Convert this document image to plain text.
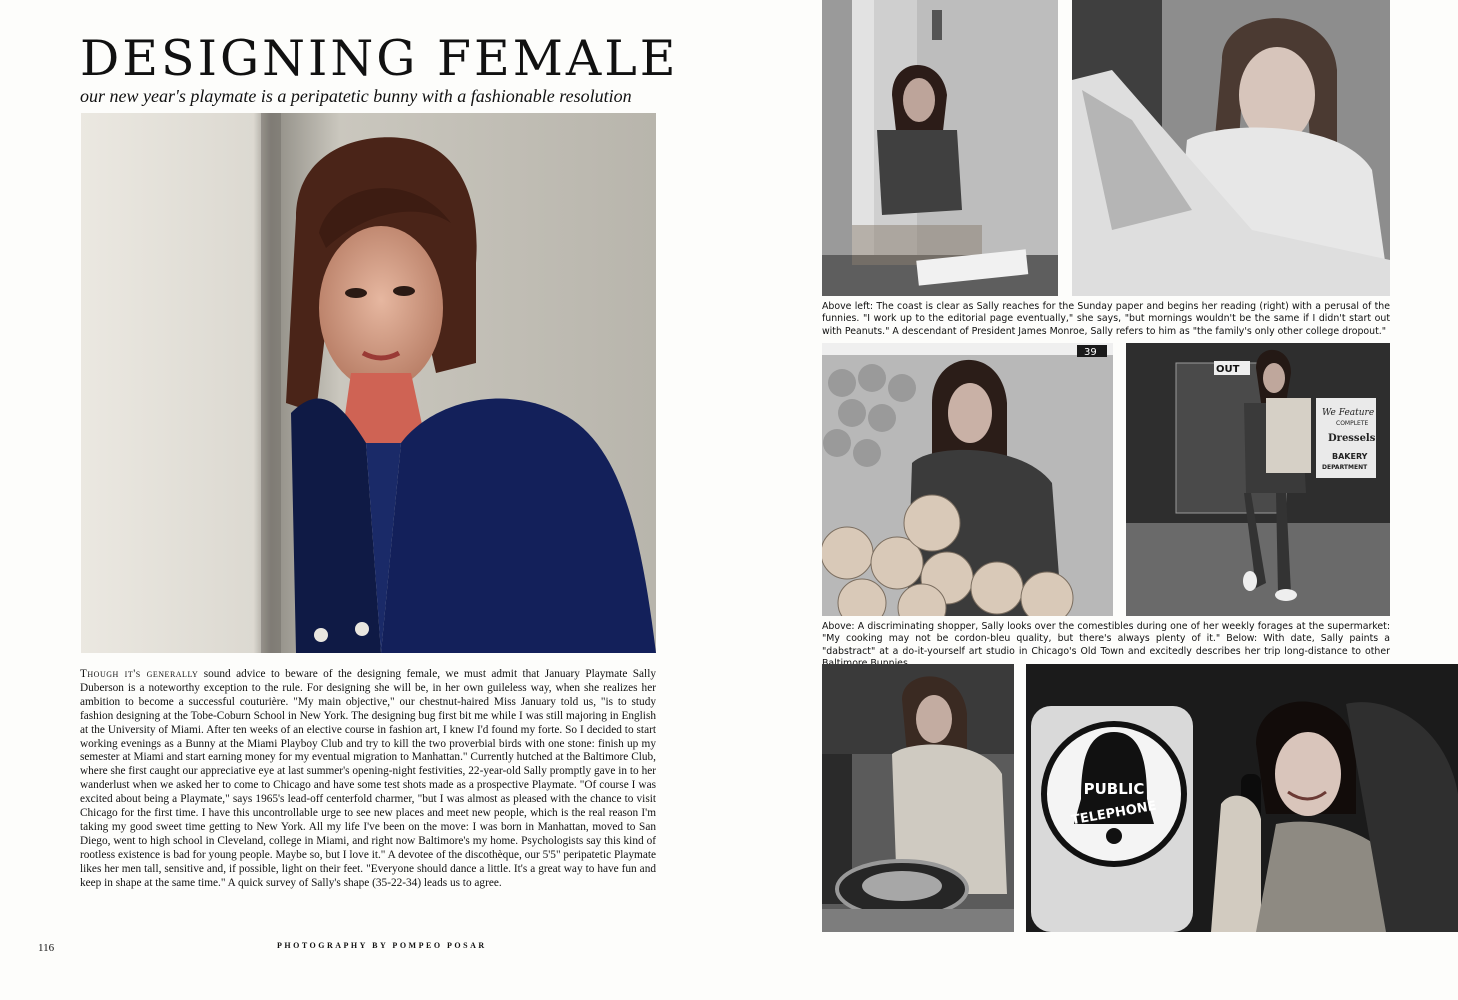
DESIGNING FEMALE

our new year's playmate is a peripatetic bunny with a fashionable resolution

Though it's generally sound advice to beware of the designing female, we must admit that January Playmate Sally Duberson is a noteworthy exception to the rule. For designing she will be, in her own guileless way, when she realizes her ambition to become a successful couturière. "My main objective," our chestnut-haired Miss January told us, "is to study fashion designing at the Tobe-Coburn School in New York. The designing bug first bit me while I was still majoring in English at the University of Miami. After ten weeks of an elective course in fashion art, I knew I'd found my forte. So I decided to start working evenings as a Bunny at the Miami Playboy Club and try to kill the two proverbial birds with one stone: finish up my semester at Miami and start earning money for my eventual migration to Manhattan." Currently hutched at the Baltimore Club, where she first caught our appreciative eye at last summer's opening-night festivities, 22-year-old Sally promptly gave in to her wanderlust when we asked her to come to Chicago and have some test shots made as a prospective Playmate. "Of course I was excited about being a Playmate," says 1965's lead-off centerfold charmer, "but I was almost as pleased with the chance to visit Chicago for the first time. I have this uncontrollable urge to see new places and meet new people, which is the real reason I'm taking my good sweet time getting to New York. All my life I've been on the move: I was born in Manhattan, moved to San Diego, went to high school in Cleveland, college in Miami, and right now Baltimore's my home. Psychologists say this kind of rootless existence is bad for young people. Maybe so, but I love it." A devotee of the discothèque, our 5'5" peripatetic Playmate likes her men tall, sensitive and, if possible, light on their feet. "Everyone should dance a little. It's a great way to have fun and keep in shape at the same time." A quick survey of Sally's shape (35-22-34) leads us to agree.

116	PHOTOGRAPHY BY POMPEO POSAR

Above left: The coast is clear as Sally reaches for the Sunday paper and begins her reading (right) with a perusal of the funnies. "I work up to the editorial page eventually," she says, "but mornings wouldn't be the same if I didn't start out with Peanuts." A descendant of President James Monroe, Sally refers to him as "the family's only other college dropout."

39
OUT
We Feature
COMPLETE
Dressels
BAKERY
DEPARTMENT

Above: A discriminating shopper, Sally looks over the comestibles during one of her weekly forages at the supermarket: "My cooking may not be cordon-bleu quality, but there's always plenty of it." Below: With date, Sally paints a "dabstract" at a do-it-yourself art studio in Chicago's Old Town and excitedly describes her trip long-distance to other

PUBLIC
TELEPHONE
